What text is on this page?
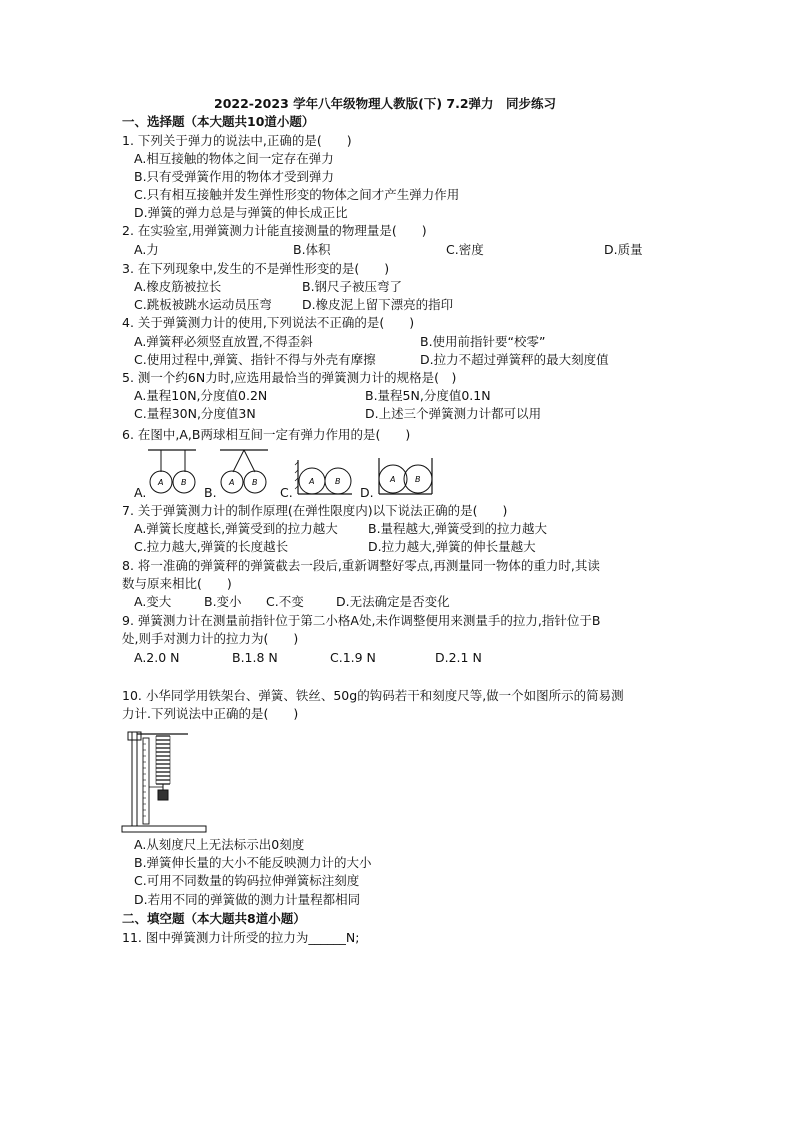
2022-2023 学年八年级物理人教版(下) 7.2弹力　同步练习
一、选择题（本大题共10道小题）
1. 下列关于弹力的说法中,正确的是(　　)
A.相互接触的物体之间一定存在弹力
B.只有受弹簧作用的物体才受到弹力
C.只有相互接触并发生弹性形变的物体之间才产生弹力作用
D.弹簧的弹力总是与弹簧的伸长成正比
2. 在实验室,用弹簧测力计能直接测量的物理量是(　　)
A.力	B.体积	C.密度	D.质量
3. 在下列现象中,发生的不是弹性形变的是(　　)
A.橡皮筋被拉长	B.钢尺子被压弯了
C.跳板被跳水运动员压弯 D.橡皮泥上留下漂亮的指印
4. 关于弹簧测力计的使用,下列说法不正确的是(　　)
A.弹簧秤必须竖直放置,不得歪斜	B.使用前指针要“校零”
C.使用过程中,弹簧、指针不得与外壳有摩擦	D.拉力不超过弹簧秤的最大刻度值
5. 测一个约6N力时,应选用最恰当的弹簧测力计的规格是(　)
A.量程10N,分度值0.2N	B.量程5N,分度值0.1N
C.量程30N,分度值3N	D.上述三个弹簧测力计都可以用
6. 在图中,A,B两球相互间一定有弹力作用的是(　　)
A.	B.	C.	D.
A B	A B	A	B	A B
7. 关于弹簧测力计的制作原理(在弹性限度内)以下说法正确的是(　　)
A.弹簧长度越长,弹簧受到的拉力越大 B.量程越大,弹簧受到的拉力越大
C.拉力越大,弹簧的长度越长	D.拉力越大,弹簧的伸长量越大
8. 将一准确的弹簧秤的弹簧截去一段后,重新调整好零点,再测量同一物体的重力时,其读
数与原来相比(　　)
A.变大	B.变小 C.不变	D.无法确定是否变化
9. 弹簧测力计在测量前指针位于第二小格A处,未作调整便用来测量手的拉力,指针位于B
处,则手对测力计的拉力为(　　)
A.2.0 N	B.1.8 N	C.1.9 N	D.2.1 N
10. 小华同学用铁架台、弹簧、铁丝、50g的钩码若干和刻度尺等,做一个如图所示的简易测
力计.下列说法中正确的是(　　)
A.从刻度尺上无法标示出0刻度
B.弹簧伸长量的大小不能反映测力计的大小
C.可用不同数量的钩码拉伸弹簧标注刻度
D.若用不同的弹簧做的测力计量程都相同
二、填空题（本大题共8道小题）
11. 图中弹簧测力计所受的拉力为______N;
